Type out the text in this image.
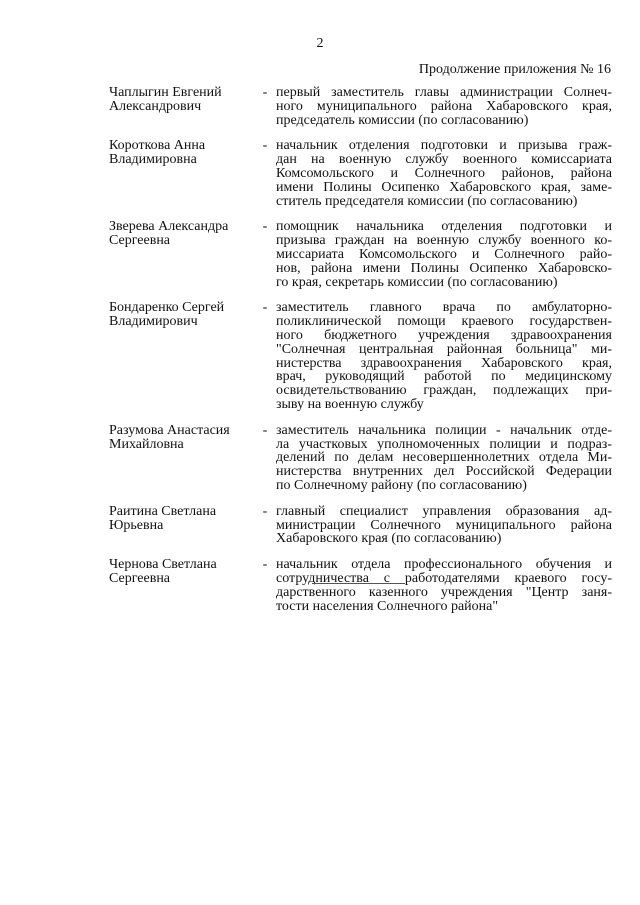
2
Продолжение приложения № 16
Чаплыгин Евгений
Александрович
- первый заместитель главы администрации Солнеч-
ного муниципального района Хабаровского края,
председатель комиссии (по согласованию)
Короткова Анна
Владимировна
- начальник отделения подготовки и призыва граж-
дан на военную службу военного комиссариата
Комсомольского и Солнечного районов, района
имени Полины Осипенко Хабаровского края, заме-
ститель председателя комиссии (по согласованию)
Зверева Александра
Сергеевна
- помощник начальника отделения подготовки и
призыва граждан на военную службу военного ко-
миссариата Комсомольского и Солнечного райо-
нов, района имени Полины Осипенко Хабаровско-
го края, секретарь комиссии (по согласованию)
Бондаренко Сергей
Владимирович
- заместитель главного врача по амбулаторно-
поликлинической помощи краевого государствен-
ного бюджетного учреждения здравоохранения
"Солнечная центральная районная больница" ми-
нистерства здравоохранения Хабаровского края,
врач, руководящий работой по медицинскому
освидетельствованию граждан, подлежащих при-
зыву на военную службу
Разумова Анастасия
Михайловна
- заместитель начальника полиции - начальник отде-
ла участковых уполномоченных полиции и подраз-
делений по делам несовершеннолетних отдела Ми-
нистерства внутренних дел Российской Федерации
по Солнечному району (по согласованию)
Раитина Светлана
Юрьевна
- главный специалист управления образования ад-
министрации Солнечного муниципального района
Хабаровского края (по согласованию)
Чернова Светлана
Сергеевна
- начальник отдела профессионального обучения и
сотрудничества с работодателями краевого госу-
дарственного казенного учреждения "Центр заня-
тости населения Солнечного района"
